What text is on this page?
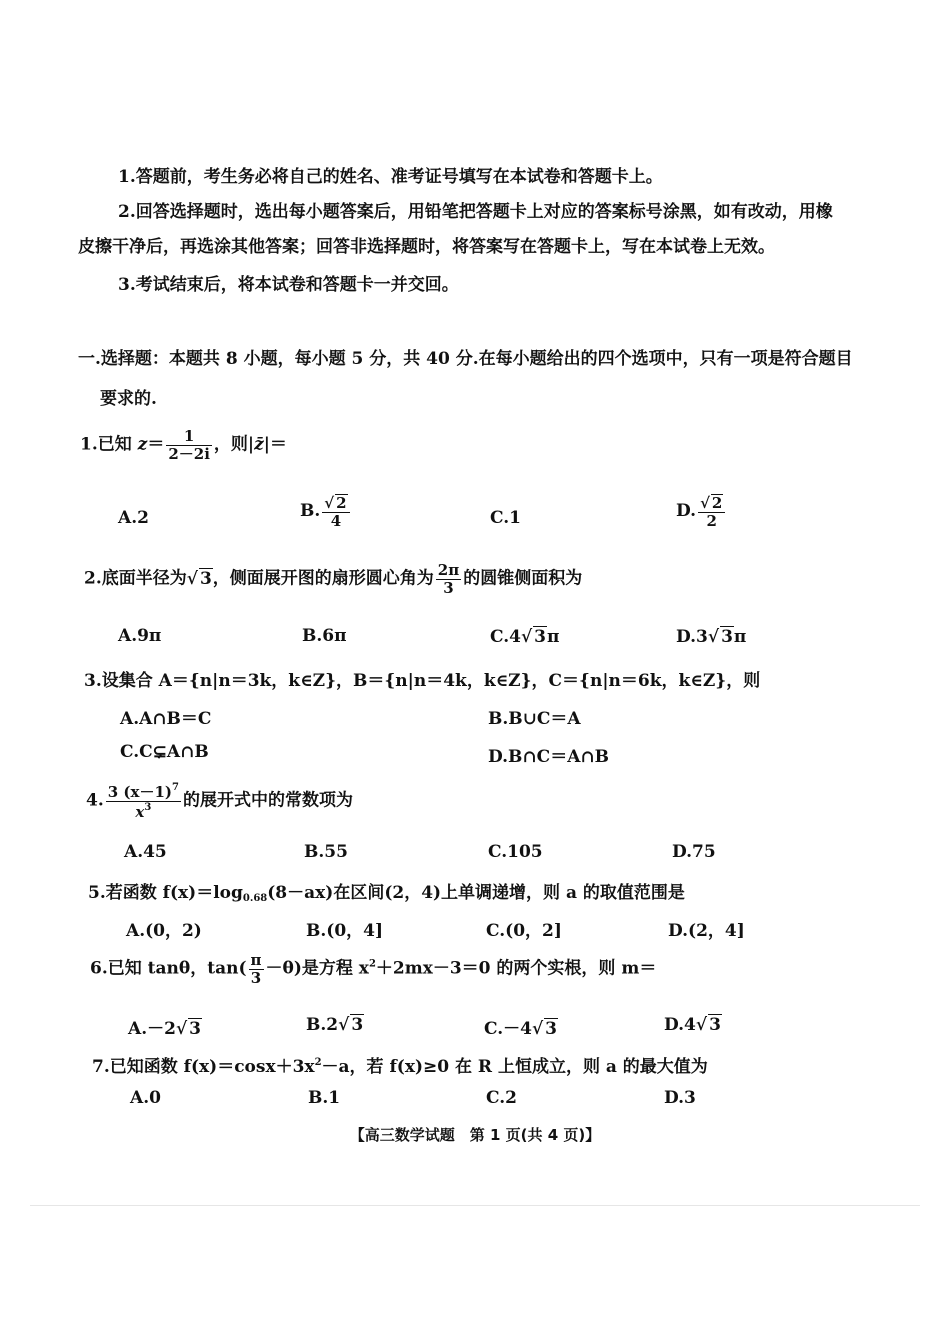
1.答题前，考生务必将自己的姓名、准考证号填写在本试卷和答题卡上。
2.回答选择题时，选出每小题答案后，用铅笔把答题卡上对应的答案标号涂黑，如有改动，用橡
皮擦干净后，再选涂其他答案；回答非选择题时，将答案写在答题卡上，写在本试卷上无效。
3.考试结束后，将本试卷和答题卡一并交回。
一.选择题：本题共 8 小题，每小题 5 分，共 40 分.在每小题给出的四个选项中，只有一项是符合题目
要求的.
1.已知 $z= \frac{1}{2-2i}$ ，则|z̄|＝
A.2	B. $\frac{√ 2}{4}$	C.1	D. $\frac{√ 2}{2}$
2.底面半径为√ 3，侧面展开图的扇形圆心角为 $\frac{2\pi}{3}$ 的圆锥侧面积为
A.9π	B.6π	C.4√ 3π	D.3√ 3π
3.设集合 A＝{n|n＝3k，k∈Z}，B＝{n|n＝4k，k∈Z}，C＝{n|n＝6k，k∈Z}，则
A.A∩B＝C	B.B∪C＝A
C.C⊊A∩B	D.B∩C＝A∩B
4. $\frac{3 (x-1)^7}{x^3}$ 的展开式中的常数项为
A.45	B.55	C.105	D.75
5.若函数 $f(x)=\log_{0.68}(8-ax)$在区间(2，4)上单调递增，则 a 的取值范围是
A.(0，2)	B.(0，4]	C.(0，2]	D.(2，4]
6.已知 tanθ，$\tan( \frac{\pi}{3} -\theta)$是方程 $x^2+2mx-3=0$ 的两个实根，则 m＝
A.－2√ 3	B.2√ 3	C.－4√ 3	D.4√ 3
7.已知函数 $f(x)=\cos x+3x^2-a$，若 f(x)≥0 在 R 上恒成立，则 a 的最大值为
A.0	B.1	C.2	D.3
【高三数学试题　第 1 页(共 4 页)】
